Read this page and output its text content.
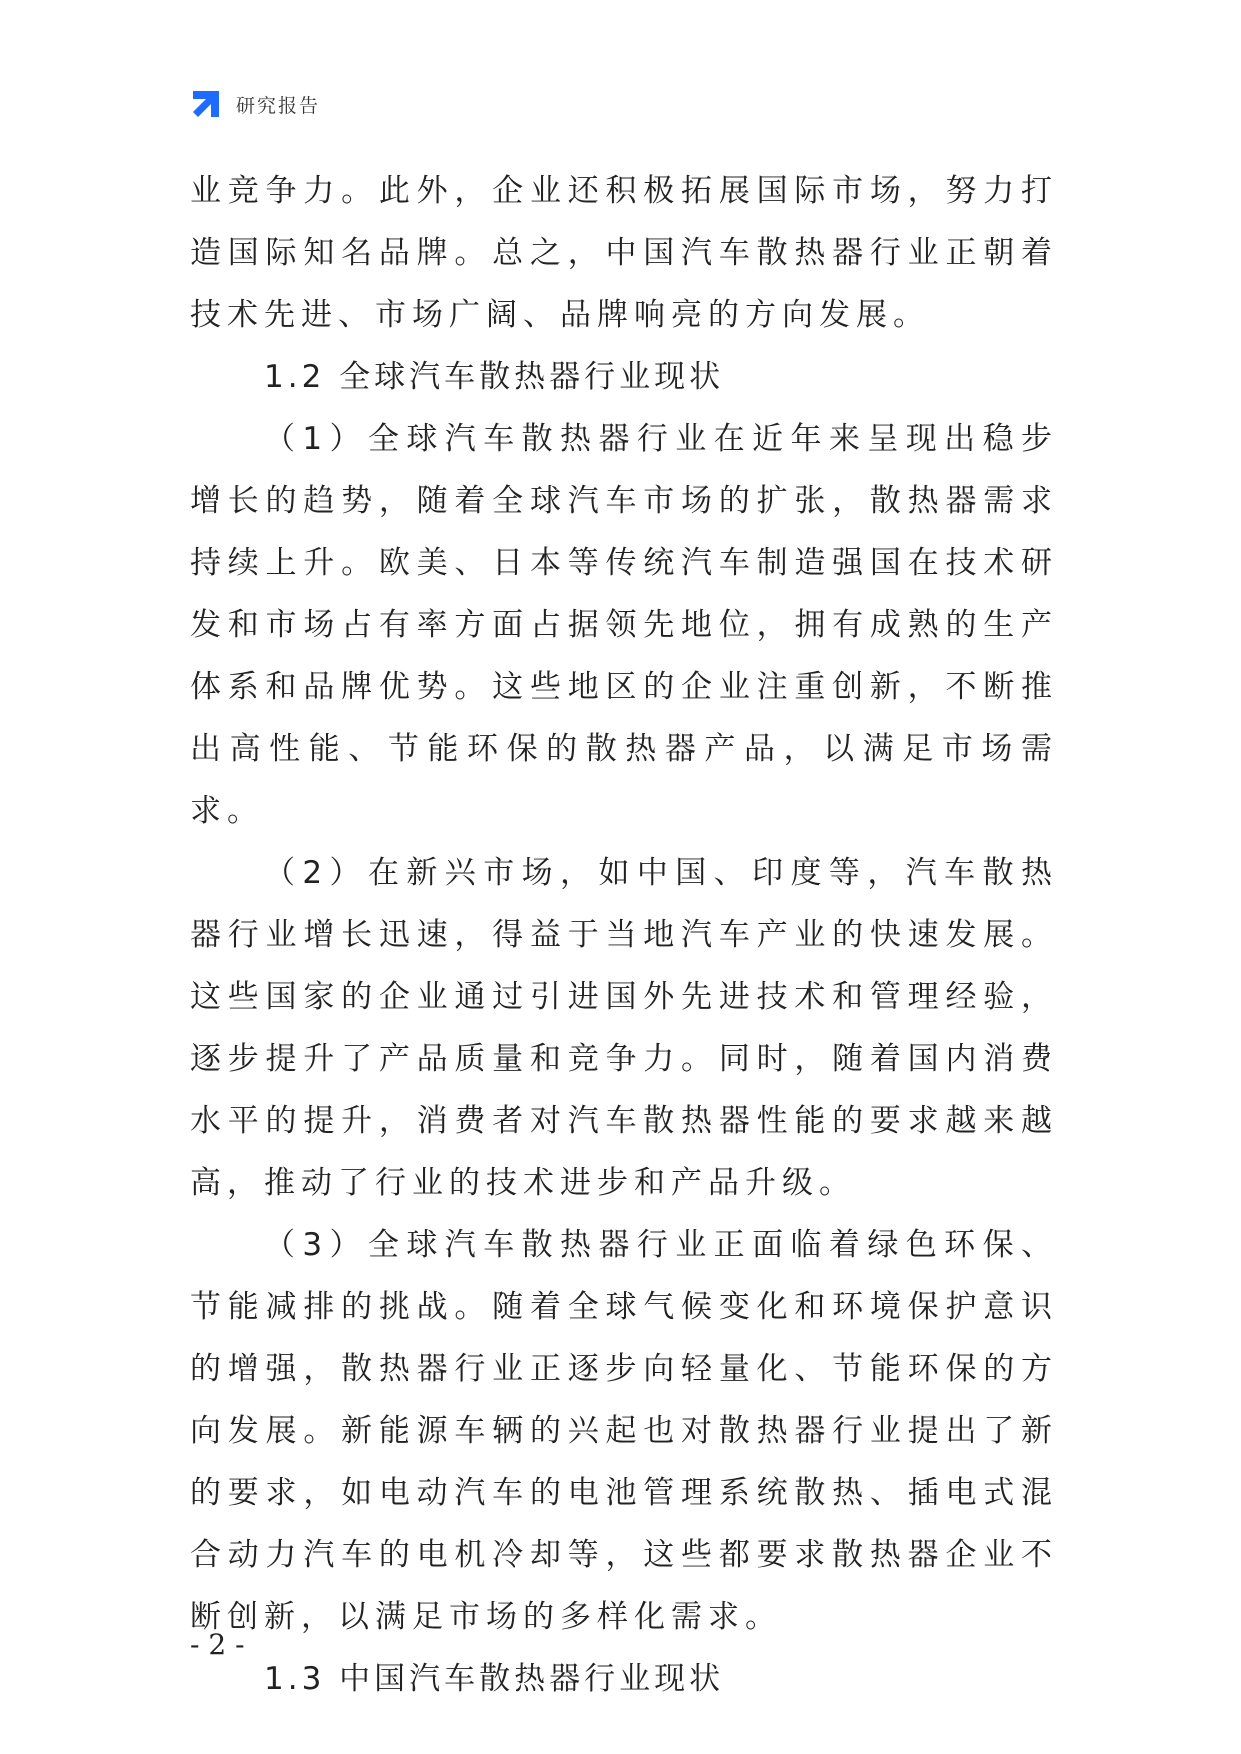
研究报告

业竞争力。此外，企业还积极拓展国际市场，努力打造国际知名品牌。总之，中国汽车散热器行业正朝着技术先进、市场广阔、品牌响亮的方向发展。

1.2 全球汽车散热器行业现状

（1）全球汽车散热器行业在近年来呈现出稳步增长的趋势，随着全球汽车市场的扩张，散热器需求持续上升。欧美、日本等传统汽车制造强国在技术研发和市场占有率方面占据领先地位，拥有成熟的生产体系和品牌优势。这些地区的企业注重创新，不断推出高性能、节能环保的散热器产品，以满足市场需求。

（2）在新兴市场，如中国、印度等，汽车散热器行业增长迅速，得益于当地汽车产业的快速发展。这些国家的企业通过引进国外先进技术和管理经验，逐步提升了产品质量和竞争力。同时，随着国内消费水平的提升，消费者对汽车散热器性能的要求越来越高，推动了行业的技术进步和产品升级。

（3）全球汽车散热器行业正面临着绿色环保、节能减排的挑战。随着全球气候变化和环境保护意识的增强，散热器行业正逐步向轻量化、节能环保的方向发展。新能源车辆的兴起也对散热器行业提出了新的要求，如电动汽车的电池管理系统散热、插电式混合动力汽车的电机冷却等，这些都要求散热器企业不断创新，以满足市场的多样化需求。

1.3 中国汽车散热器行业现状

- 2 -
